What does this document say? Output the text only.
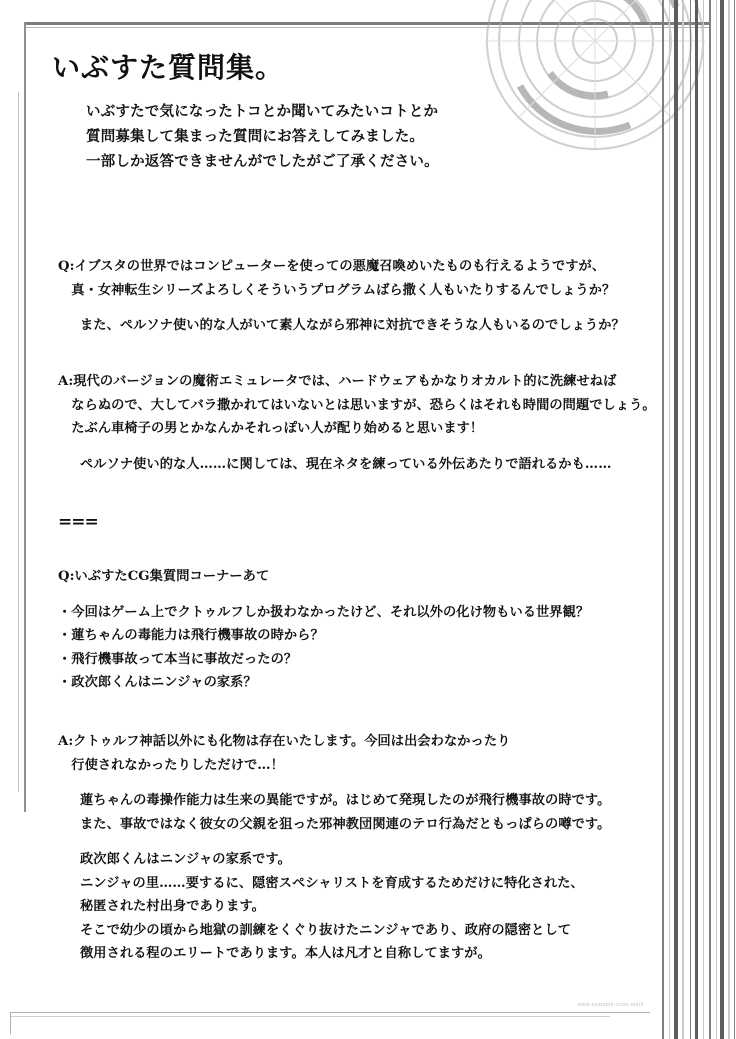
いぶすた質問集。
いぶすたで気になったトコとか聞いてみたいコトとか
質問募集して集まった質問にお答えしてみました。
一部しか返答できませんがでしたがご了承ください。
Q:イブスタの世界ではコンピューターを使っての悪魔召喚めいたものも行えるようですが、
　真・女神転生シリーズよろしくそういうプログラムばら撒く人もいたりするんでしょうか？
また、ペルソナ使い的な人がいて素人ながら邪神に対抗できそうな人もいるのでしょうか？
A:現代のバージョンの魔術エミュレータでは、ハードウェアもかなりオカルト的に洗練せねば
　ならぬので、大してバラ撒かれてはいないとは思いますが、恐らくはそれも時間の問題でしょう。
　たぶん車椅子の男とかなんかそれっぽい人が配り始めると思います！
ペルソナ使い的な人……に関しては、現在ネタを練っている外伝あたりで語れるかも……
===
Q:いぶすたCG集質問コーナーあて
・今回はゲーム上でクトゥルフしか扱わなかったけど、それ以外の化け物もいる世界観？
・蓮ちゃんの毒能力は飛行機事故の時から？
・飛行機事故って本当に事故だったの？
・政次郎くんはニンジャの家系？
A:クトゥルフ神話以外にも化物は存在いたします。今回は出会わなかったり
　行使されなかったりしただけで…！
蓮ちゃんの毒操作能力は生来の異能ですが。はじめて発現したのが飛行機事故の時です。
また、事故ではなく彼女の父親を狙った邪神教団関連のテロ行為だともっぱらの噂です。
政次郎くんはニンジャの家系です。
ニンジャの里……要するに、隠密スペシャリストを育成するためだけに特化された、
秘匿された村出身であります。
そこで幼少の頃から地獄の訓練をくぐり抜けたニンジャであり、政府の隠密として
徴用される程のエリートであります。本人は凡才と自称してますが。
www.example-scan-mark
